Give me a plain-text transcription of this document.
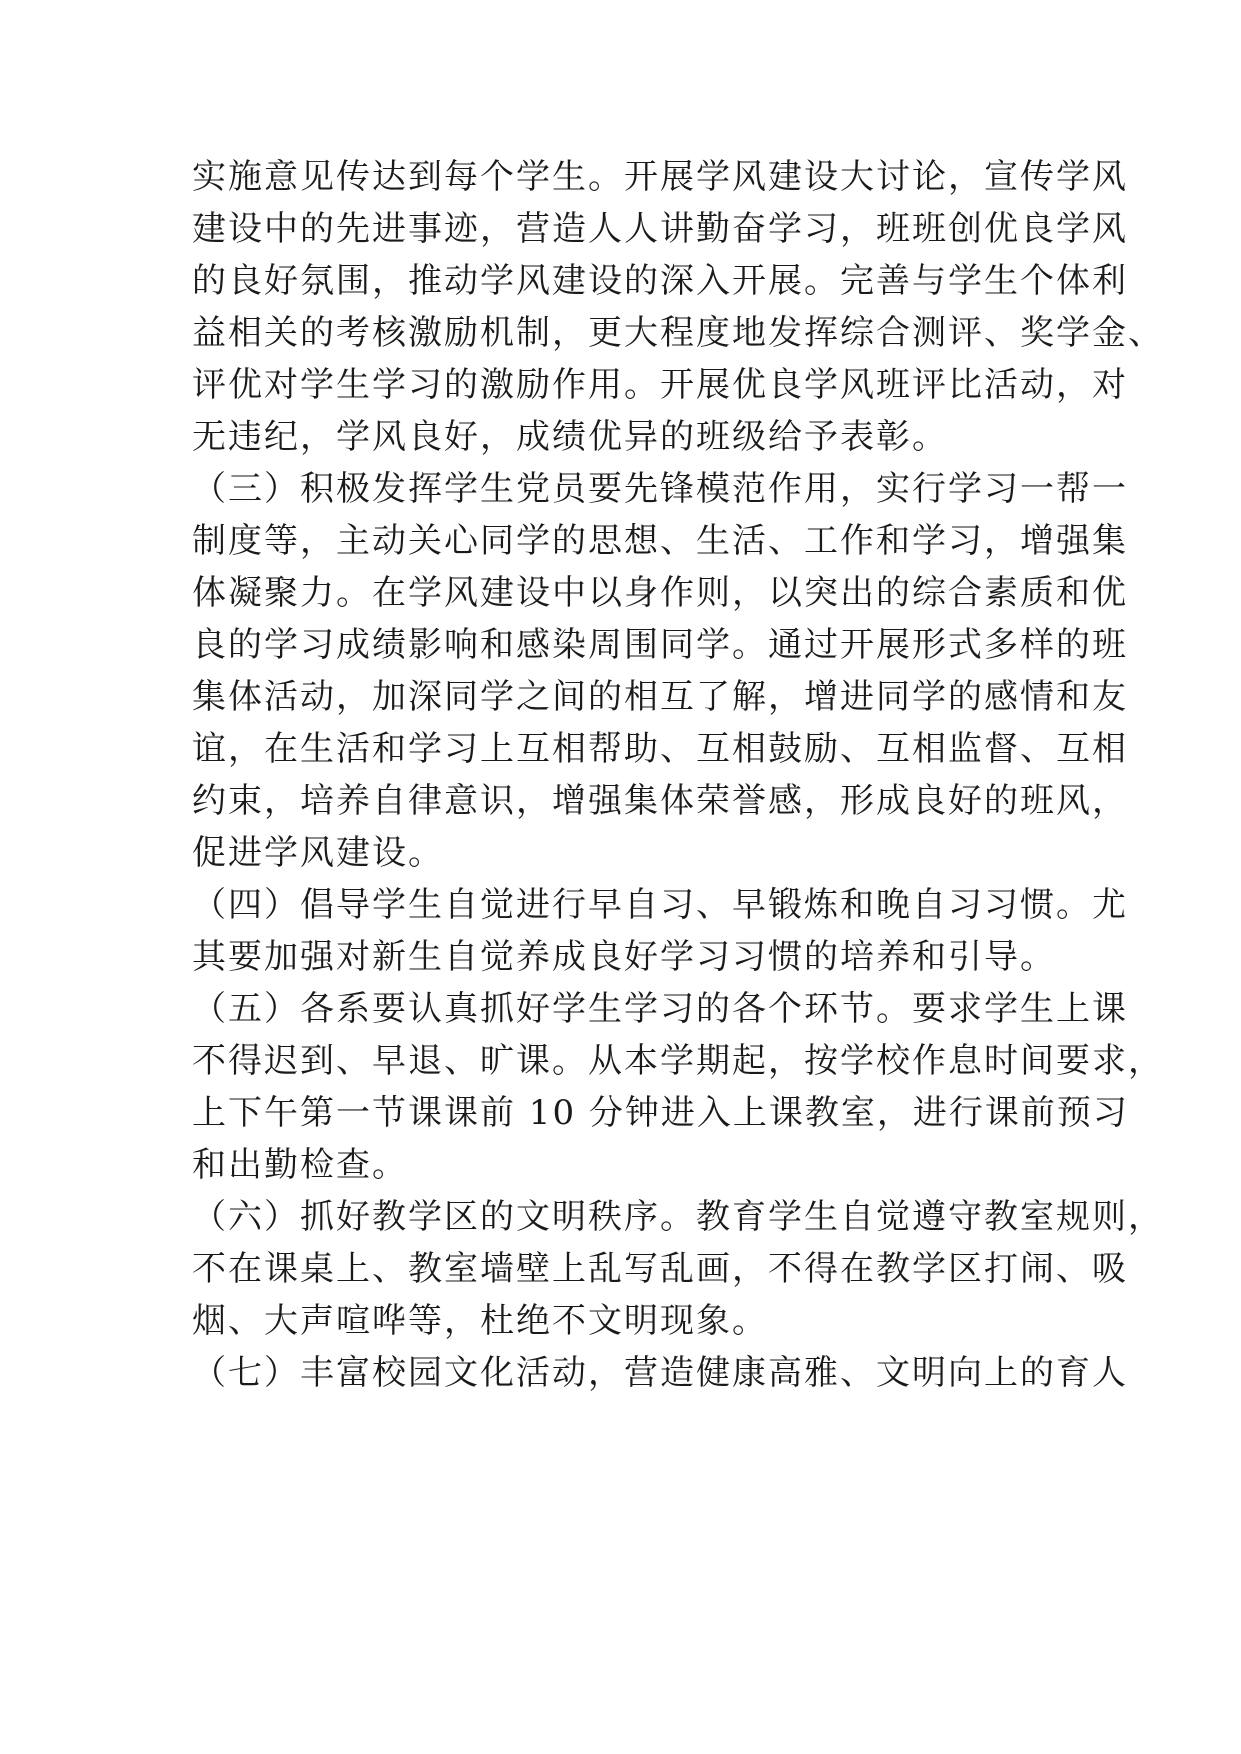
实施意见传达到每个学生。开展学风建设大讨论，宣传学风
建设中的先进事迹，营造人人讲勤奋学习，班班创优良学风
的良好氛围，推动学风建设的深入开展。完善与学生个体利
益相关的考核激励机制，更大程度地发挥综合测评、奖学金、
评优对学生学习的激励作用。开展优良学风班评比活动，对
无违纪，学风良好，成绩优异的班级给予表彰。
（三）积极发挥学生党员要先锋模范作用，实行学习一帮一
制度等，主动关心同学的思想、生活、工作和学习，增强集
体凝聚力。在学风建设中以身作则，以突出的综合素质和优
良的学习成绩影响和感染周围同学。通过开展形式多样的班
集体活动，加深同学之间的相互了解，增进同学的感情和友
谊，在生活和学习上互相帮助、互相鼓励、互相监督、互相
约束，培养自律意识，增强集体荣誉感，形成良好的班风，
促进学风建设。
（四）倡导学生自觉进行早自习、早锻炼和晚自习习惯。尤
其要加强对新生自觉养成良好学习习惯的培养和引导。
（五）各系要认真抓好学生学习的各个环节。要求学生上课
不得迟到、早退、旷课。从本学期起，按学校作息时间要求，
上下午第一节课课前 10 分钟进入上课教室，进行课前预习
和出勤检查。
（六）抓好教学区的文明秩序。教育学生自觉遵守教室规则，
不在课桌上、教室墙壁上乱写乱画，不得在教学区打闹、吸
烟、大声喧哗等，杜绝不文明现象。
（七）丰富校园文化活动，营造健康高雅、文明向上的育人
